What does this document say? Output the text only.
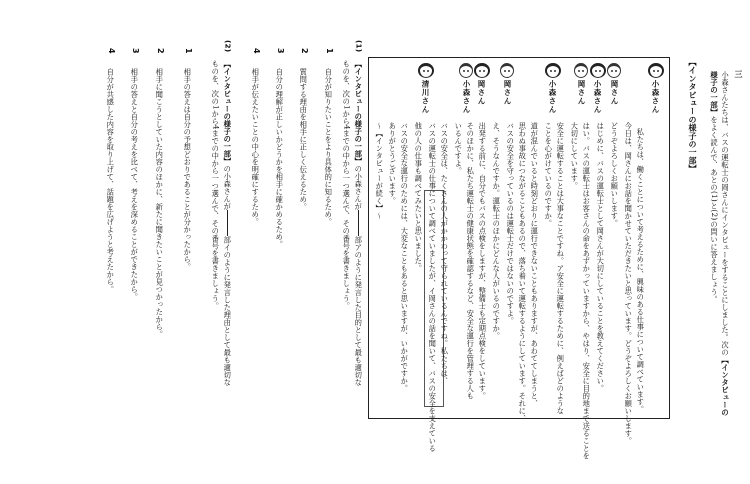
三
小森さんたちは、バスの運転士の岡さんにインタビューをすることにしました。次の【インタビューの
様子の一部】をよく読んで、あとの(1)と(2)の問いに答えましょう。
【インタビューの様子の一部】
小森さん
岡さん
小森さん
岡さん
小森さん
岡さん
岡さん
小森さん
清川さん
私たちは、働くことについて考えるために、興味のある仕事について調べています。
今日は、岡さんにお話を聞かせていただきたいと思っています。どうぞよろしくお願いします。
どうぞよろしくお願いします。
はじめに、バスの運転士として岡さんが大切にしていることを教えてください。
はい。バスの運転士はお客さんの命をあずかっていますから、やはり、安全に目的地まで送ることを
大切にしています。
安全に運転することは大事なことですね。ア安全に運転するために、例えばどのような
ことを心がけているのですか。
道が混んでいると時刻どおりに運行できないこともありますが、あわててしまうと、
思わぬ事故につながることもあるので、落ち着いて運転するようにしています。それに、
バスの安全を守っているのは運転士だけではないのですよ。
え、そうなんですか。運転士のほかにどんな人がいるのですか。
出発する前に、自分でもバスの点検をしますが、整備士も定期点検をしています。
そのほかに、私たち運転士の健康状態を確認するなど、安全な運行を管理する人も
いるんですよ。
バスの安全は、たくさんの人がかかわって守られているんですね。私たちは、
バスの運転士の仕事について調べていましたが、イ岡さんの話を聞いて、バスの安全を支えている
他の人の仕事も調べてみたいと思いました。
バスの安全な運行のためには、大変なこともあると思いますが、いかがですか。
ありがとうございます。
〜【インタビューが続く】〜
(1)
【インタビューの様子の一部】の小森さんが部アのように発言した目的として最も適切な
ものを、次の1から4までの中から一つ選んで、その番号を書きましょう。
1
自分が知りたいことをより具体的に知るため。
2
質問する理由を相手に正しく伝えるため。
3
自分の理解が正しいかどうかを相手に確かめるため。
4
相手が伝えたいことの中心を明確にするため。
(2)
【インタビューの様子の一部】の小森さんが部イのように発言した理由として最も適切な
ものを、次の1から4までの中から一つ選んで、その番号を書きましょう。
1
相手の答えは自分の予想どおりであることが分かったから。
2
相手に聞こうとしていた内容のほかに、新たに聞きたいことが見つかったから。
3
相手の答えと自分の考えを比べて、考えを深めることができたから。
4
自分が共感した内容を取り上げて、話題を広げようと考えたから。
